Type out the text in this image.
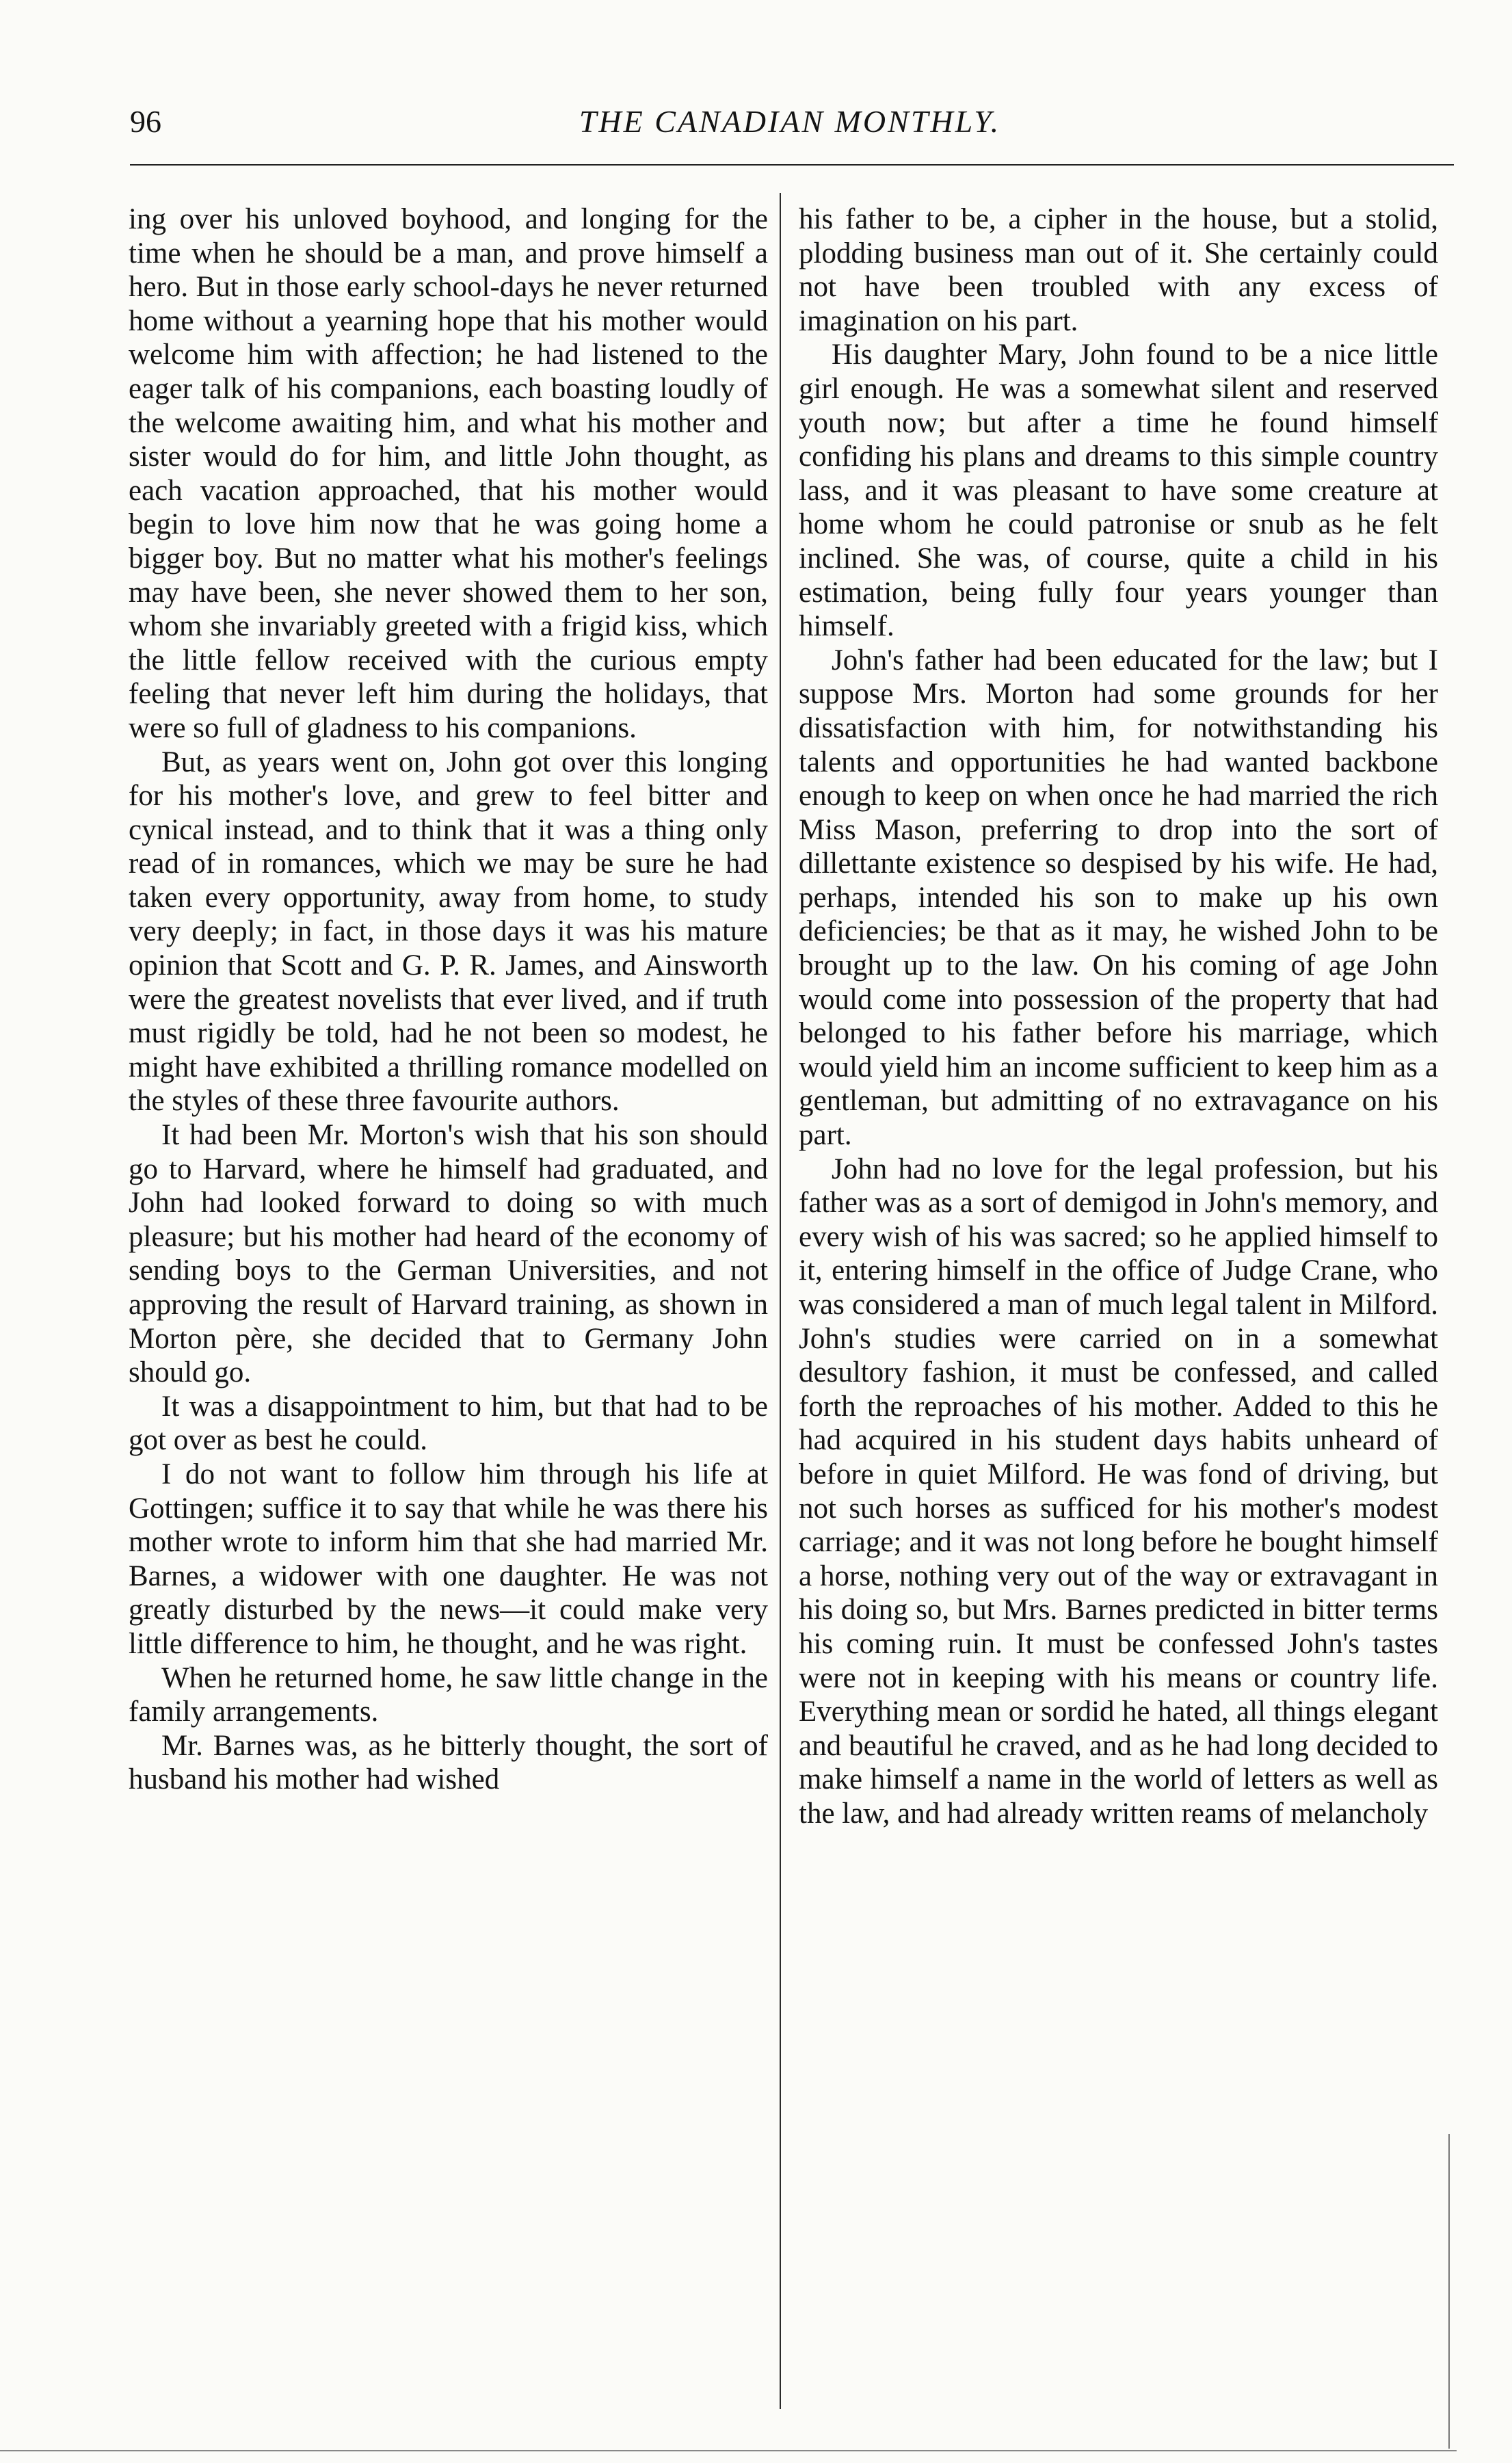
96	THE CANADIAN MONTHLY.

ing over his unloved boyhood, and longing for the time when he should be a man, and prove himself a hero. But in those early school-days he never returned home without a yearning hope that his mother would welcome him with affection; he had listened to the eager talk of his companions, each boasting loudly of the welcome awaiting him, and what his mother and sister would do for him, and little John thought, as each vacation approached, that his mother would begin to love him now that he was going home a bigger boy. But no matter what his mother's feelings may have been, she never showed them to her son, whom she invariably greeted with a frigid kiss, which the little fellow received with the curious empty feeling that never left him during the holidays, that were so full of gladness to his companions.

But, as years went on, John got over this longing for his mother's love, and grew to feel bitter and cynical instead, and to think that it was a thing only read of in romances, which we may be sure he had taken every opportunity, away from home, to study very deeply; in fact, in those days it was his mature opinion that Scott and G. P. R. James, and Ainsworth were the greatest novelists that ever lived, and if truth must rigidly be told, had he not been so modest, he might have exhibited a thrilling romance modelled on the styles of these three favourite authors.

It had been Mr. Morton's wish that his son should go to Harvard, where he himself had graduated, and John had looked forward to doing so with much pleasure; but his mother had heard of the economy of sending boys to the German Universities, and not approving the result of Harvard training, as shown in Morton père, she decided that to Germany John should go.

It was a disappointment to him, but that had to be got over as best he could.

I do not want to follow him through his life at Gottingen; suffice it to say that while he was there his mother wrote to inform him that she had married Mr. Barnes, a widower with one daughter. He was not greatly disturbed by the news—it could make very little difference to him, he thought, and he was right.

When he returned home, he saw little change in the family arrangements.

Mr. Barnes was, as he bitterly thought, the sort of husband his mother had wished

his father to be, a cipher in the house, but a stolid, plodding business man out of it. She certainly could not have been troubled with any excess of imagination on his part.

His daughter Mary, John found to be a nice little girl enough. He was a somewhat silent and reserved youth now; but after a time he found himself confiding his plans and dreams to this simple country lass, and it was pleasant to have some creature at home whom he could patronise or snub as he felt inclined. She was, of course, quite a child in his estimation, being fully four years younger than himself.

John's father had been educated for the law; but I suppose Mrs. Morton had some grounds for her dissatisfaction with him, for notwithstanding his talents and opportunities he had wanted backbone enough to keep on when once he had married the rich Miss Mason, preferring to drop into the sort of dillettante existence so despised by his wife. He had, perhaps, intended his son to make up his own deficiencies; be that as it may, he wished John to be brought up to the law. On his coming of age John would come into possession of the property that had belonged to his father before his marriage, which would yield him an income sufficient to keep him as a gentleman, but admitting of no extravagance on his part.

John had no love for the legal profession, but his father was as a sort of demigod in John's memory, and every wish of his was sacred; so he applied himself to it, entering himself in the office of Judge Crane, who was considered a man of much legal talent in Milford. John's studies were carried on in a somewhat desultory fashion, it must be confessed, and called forth the reproaches of his mother. Added to this he had acquired in his student days habits unheard of before in quiet Milford. He was fond of driving, but not such horses as sufficed for his mother's modest carriage; and it was not long before he bought himself a horse, nothing very out of the way or extravagant in his doing so, but Mrs. Barnes predicted in bitter terms his coming ruin. It must be confessed John's tastes were not in keeping with his means or country life. Everything mean or sordid he hated, all things elegant and beautiful he craved, and as he had long decided to make himself a name in the world of letters as well as the law, and had already written reams of melancholy
